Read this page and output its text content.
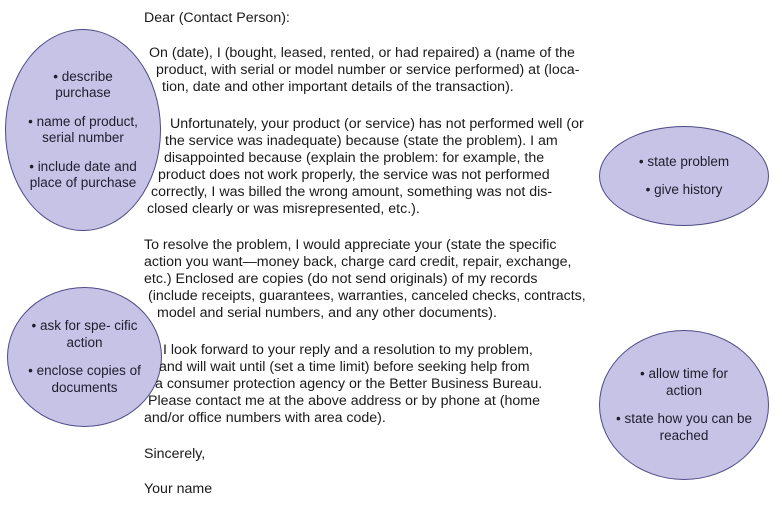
• describe purchase
• name of product, serial number
• include date and place of purchase
• state problem
• give history
• ask for spe- cific action
• enclose copies of documents
• allow time for action
• state how you can be reached
Dear (Contact Person):
On (date), I (bought, leased, rented, or had repaired) a (name of the
product, with serial or model number or service performed) at (loca-
tion, date and other important details of the transaction).
Unfortunately, your product (or service) has not performed well (or
the service was inadequate) because (state the problem). I am
disappointed because (explain the problem: for example, the
product does not work properly, the service was not performed
correctly, I was billed the wrong amount, something was not dis-
closed clearly or was misrepresented, etc.).
To resolve the problem, I would appreciate your (state the specific
action you want—money back, charge card credit, repair, exchange,
etc.) Enclosed are copies (do not send originals) of my records
(include receipts, guarantees, warranties, canceled checks, contracts,
model and serial numbers, and any other documents).
I look forward to your reply and a resolution to my problem,
and will wait until (set a time limit) before seeking help from
a consumer protection agency or the Better Business Bureau.
Please contact me at the above address or by phone at (home
and/or office numbers with area code).
Sincerely,
Your name
